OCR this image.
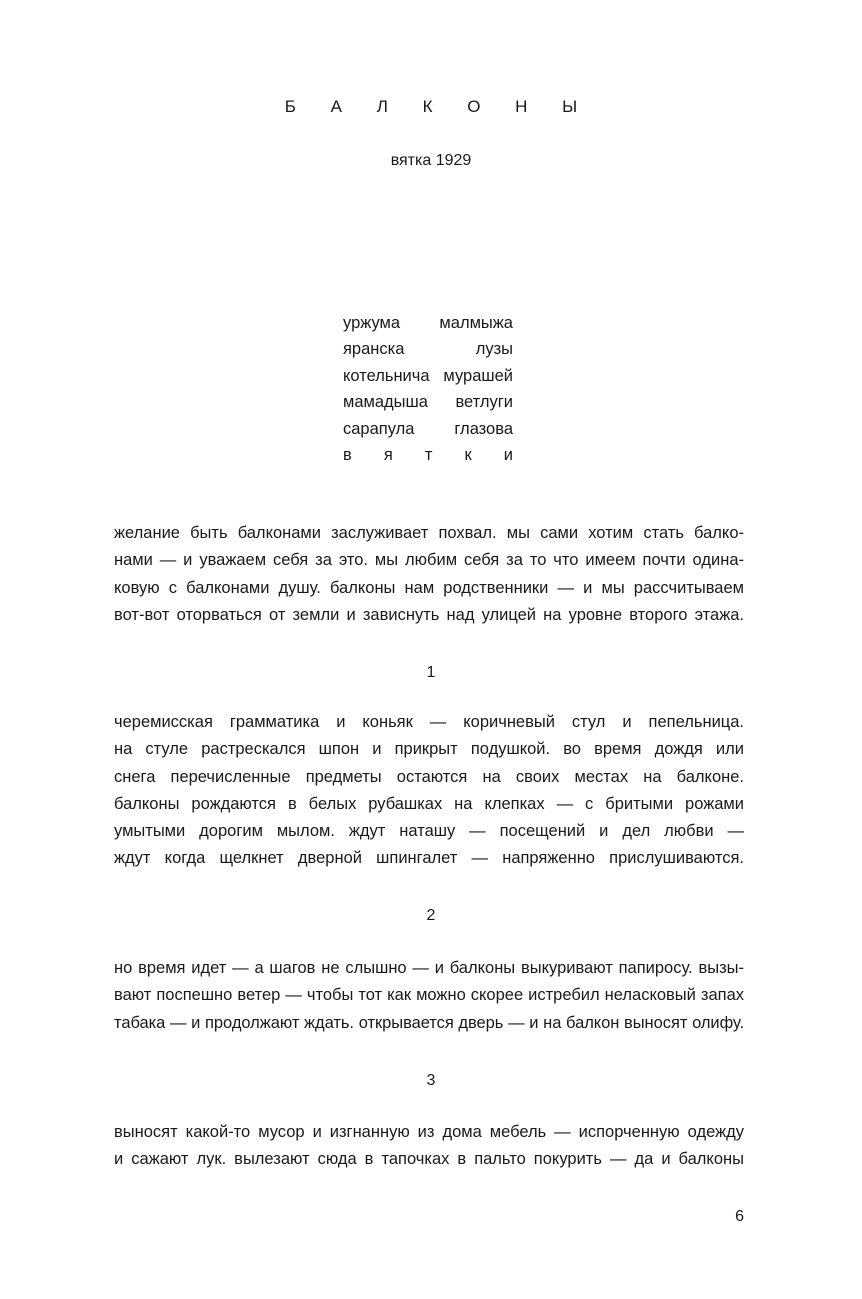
Б А Л К О Н Ы
вятка 1929
уржума малмыжа
яранска	лузы
котельнича мурашей
мамадыша ветлуги
сарапула глазова
в я т к и
желание быть балконами заслуживает похвал. мы сами хотим стать балко-
нами — и уважаем себя за это. мы любим себя за то что имеем почти одина-
ковую с балконами душу. балконы нам родственники — и мы рассчитываем
вот-вот оторваться от земли и зависнуть над улицей на уровне второго этажа.
1
черемисская грамматика и коньяк — коричневый стул и пепельница.
на стуле растрескался шпон и прикрыт подушкой. во время дождя или
снега перечисленные предметы остаются на своих местах на балконе.
балконы рождаются в белых рубашках на клепках — с бритыми рожами
умытыми дорогим мылом. ждут наташу — посещений и дел любви —
ждут когда щелкнет дверной шпингалет — напряженно прислушиваются.
2
но время идет — а шагов не слышно — и балконы выкуривают папиросу. вызы-
вают поспешно ветер — чтобы тот как можно скорее истребил неласковый запах
табака — и продолжают ждать. открывается дверь — и на балкон выносят олифу.
3
выносят какой-то мусор и изгнанную из дома мебель — испорченную одежду
и сажают лук. вылезают сюда в тапочках в пальто покурить — да и балконы
6
